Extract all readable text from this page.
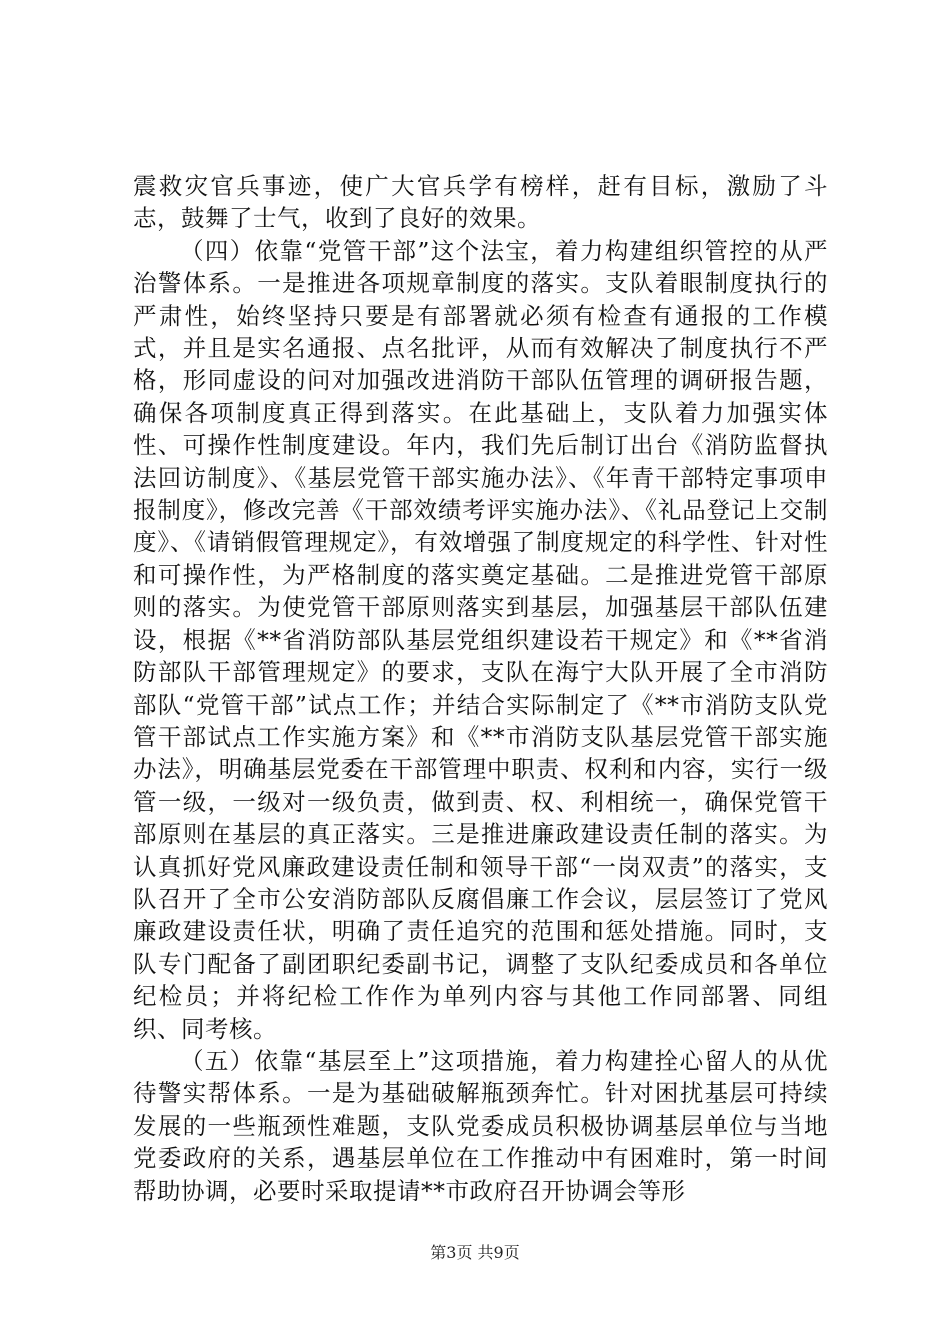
震救灾官兵事迹，使广大官兵学有榜样，赶有目标，激励了斗志，鼓舞了士气，收到了良好的效果。

（四）依靠“党管干部”这个法宝，着力构建组织管控的从严治警体系。一是推进各项规章制度的落实。支队着眼制度执行的严肃性，始终坚持只要是有部署就必须有检查有通报的工作模式，并且是实名通报、点名批评，从而有效解决了制度执行不严格，形同虚设的问对加强改进消防干部队伍管理的调研报告题，确保各项制度真正得到落实。在此基础上，支队着力加强实体性、可操作性制度建设。年内，我们先后制订出台《消防监督执法回访制度》、《基层党管干部实施办法》、《年青干部特定事项申报制度》，修改完善《干部效绩考评实施办法》、《礼品登记上交制度》、《请销假管理规定》，有效增强了制度规定的科学性、针对性和可操作性，为严格制度的落实奠定基础。二是推进党管干部原则的落实。为使党管干部原则落实到基层，加强基层干部队伍建设，根据《**省消防部队基层党组织建设若干规定》和《**省消防部队干部管理规定》的要求，支队在海宁大队开展了全市消防部队“党管干部”试点工作；并结合实际制定了《**市消防支队党管干部试点工作实施方案》和《**市消防支队基层党管干部实施办法》，明确基层党委在干部管理中职责、权利和内容，实行一级管一级，一级对一级负责，做到责、权、利相统一，确保党管干部原则在基层的真正落实。三是推进廉政建设责任制的落实。为认真抓好党风廉政建设责任制和领导干部“一岗双责”的落实，支队召开了全市公安消防部队反腐倡廉工作会议，层层签订了党风廉政建设责任状，明确了责任追究的范围和惩处措施。同时，支队专门配备了副团职纪委副书记，调整了支队纪委成员和各单位纪检员；并将纪检工作作为单列内容与其他工作同部署、同组织、同考核。

（五）依靠“基层至上”这项措施，着力构建拴心留人的从优待警实帮体系。一是为基础破解瓶颈奔忙。针对困扰基层可持续发展的一些瓶颈性难题，支队党委成员积极协调基层单位与当地党委政府的关系，遇基层单位在工作推动中有困难时，第一时间帮助协调，必要时采取提请**市政府召开协调会等形

第3页 共9页
